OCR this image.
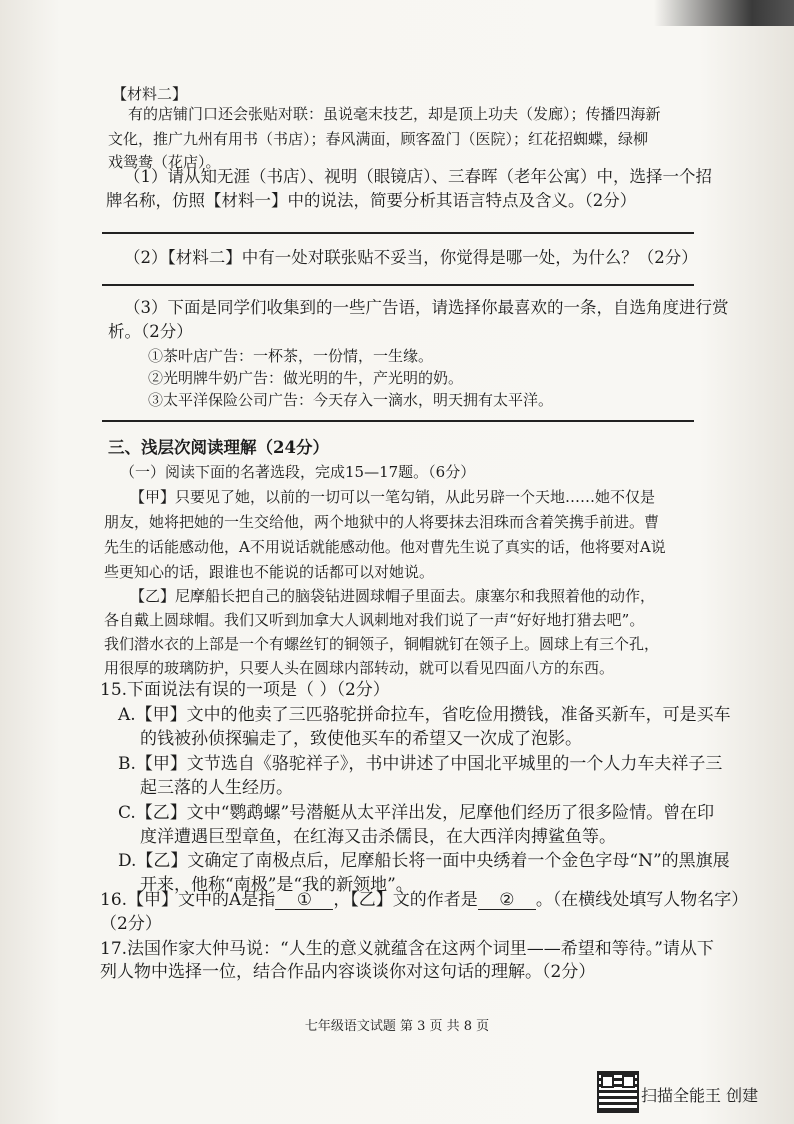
【材料二】
有的店铺门口还会张贴对联：虽说毫末技艺，却是顶上功夫（发廊）；传播四海新
文化，推广九州有用书（书店）；春风满面，顾客盈门（医院）；红花招蜘蝶，绿柳
戏鸳鸯（花店）。
（1）请从知无涯（书店）、视明（眼镜店）、三春晖（老年公寓）中，选择一个招
牌名称，仿照【材料一】中的说法，简要分析其语言特点及含义。（2分）
（2）【材料二】中有一处对联张贴不妥当，你觉得是哪一处，为什么？（2分）
（3）下面是同学们收集到的一些广告语，请选择你最喜欢的一条，自选角度进行赏
析。（2分）
①茶叶店广告：一杯茶，一份情，一生缘。
②光明牌牛奶广告：做光明的牛，产光明的奶。
③太平洋保险公司广告：今天存入一滴水，明天拥有太平洋。
三、浅层次阅读理解（24分）
（一）阅读下面的名著选段，完成15—17题。（6分）
【甲】只要见了她，以前的一切可以一笔勾销，从此另辟一个天地……她不仅是
朋友，她将把她的一生交给他，两个地狱中的人将要抹去泪珠而含着笑携手前进。曹
先生的话能感动他，A不用说话就能感动他。他对曹先生说了真实的话，他将要对A说
些更知心的话，跟谁也不能说的话都可以对她说。
【乙】尼摩船长把自己的脑袋钻进圆球帽子里面去。康塞尔和我照着他的动作，
各自戴上圆球帽。我们又听到加拿大人讽刺地对我们说了一声“好好地打猎去吧”。
我们潜水衣的上部是一个有螺丝钉的铜领子，铜帽就钉在领子上。圆球上有三个孔，
用很厚的玻璃防护，只要人头在圆球内部转动，就可以看见四面八方的东西。
15.下面说法有误的一项是（ ）（2分）
A.【甲】文中的他卖了三匹骆驼拼命拉车，省吃俭用攒钱，准备买新车，可是买车
的钱被孙侦探骗走了，致使他买车的希望又一次成了泡影。
B.【甲】文节选自《骆驼祥子》，书中讲述了中国北平城里的一个人力车夫祥子三
起三落的人生经历。
C.【乙】文中“鹦鹉螺”号潜艇从太平洋出发，尼摩他们经历了很多险情。曾在印
度洋遭遇巨型章鱼，在红海又击杀儒艮，在大西洋肉搏鲨鱼等。
D.【乙】文确定了南极点后，尼摩船长将一面中央绣着一个金色字母“N”的黑旗展
开来，他称“南极”是“我的新领地”。
16.【甲】文中的A是指 ① ，【乙】文的作者是 ② 。（在横线处填写人物名字）
（2分）
17.法国作家大仲马说：“人生的意义就蕴含在这两个词里——希望和等待。”请从下
列人物中选择一位，结合作品内容谈谈你对这句话的理解。（2分）
七年级语文试题 第 3 页 共 8 页
扫描全能王 创建
